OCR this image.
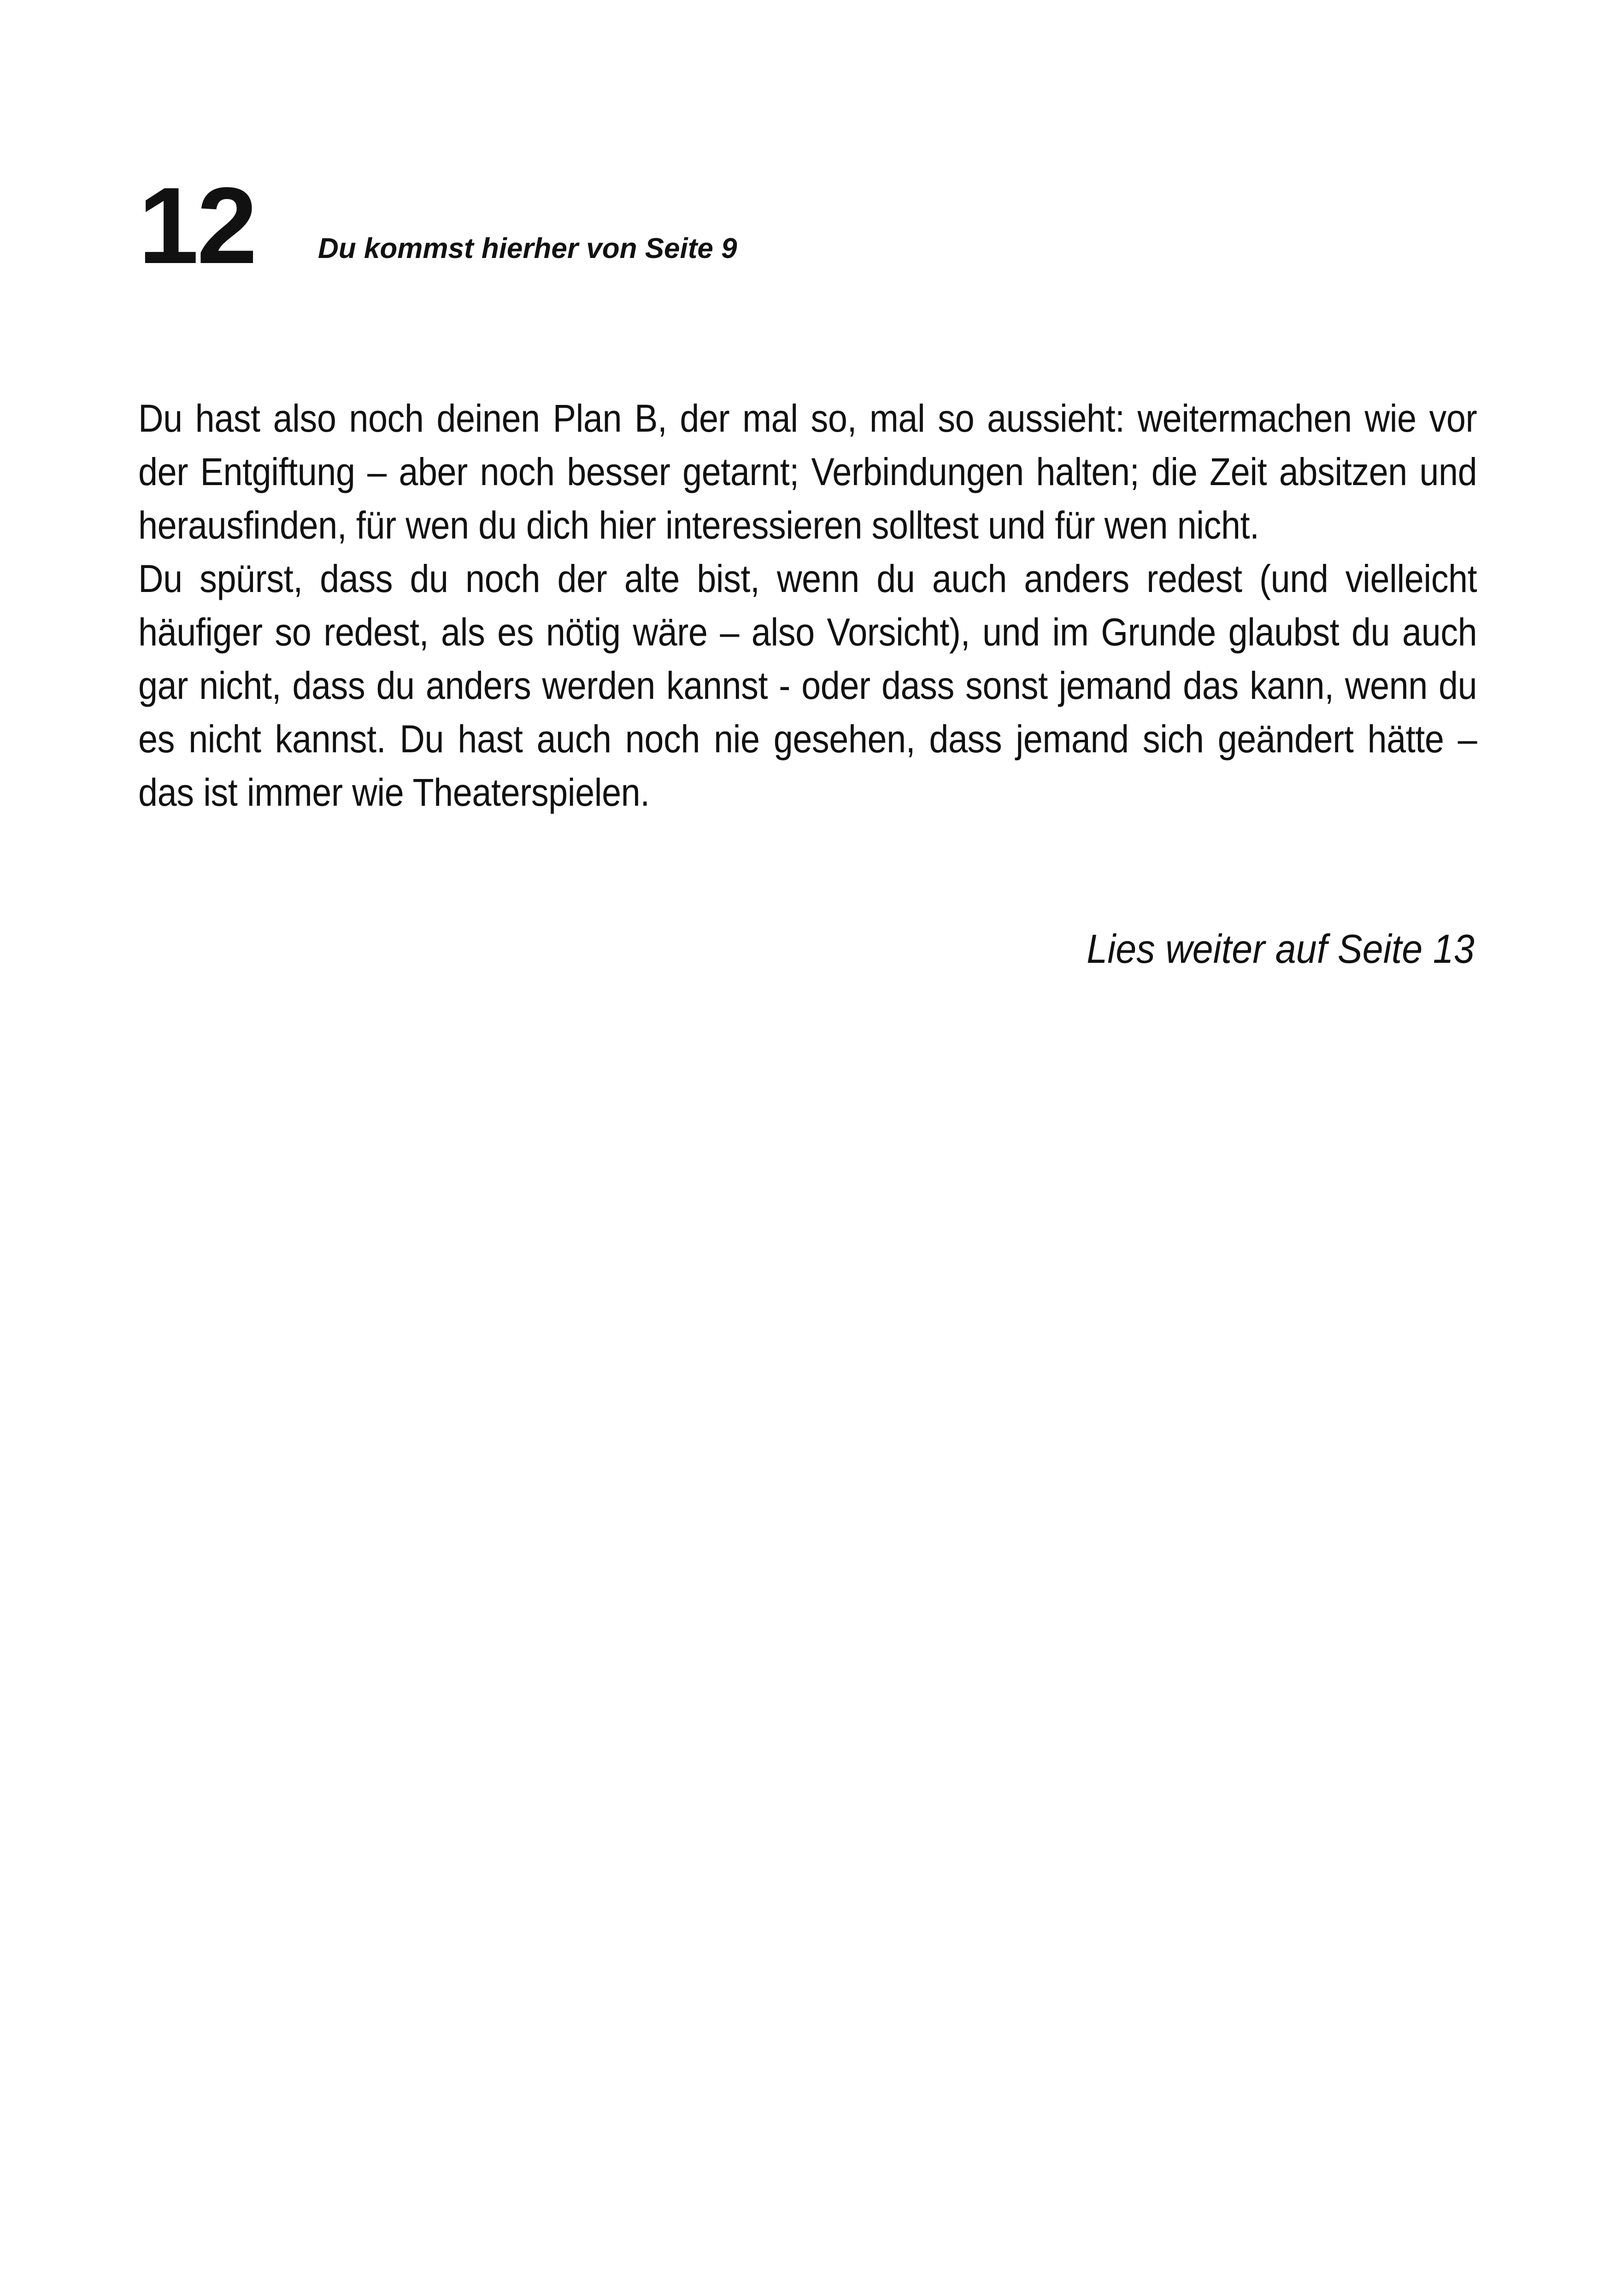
12 Du kommst hierher von Seite 9

Du hast also noch deinen Plan B, der mal so, mal so aussieht: weitermachen wie vor der Entgiftung – aber noch besser getarnt; Verbindungen halten; die Zeit absitzen und herausfinden, für wen du dich hier interessieren solltest und für wen nicht.

Du spürst, dass du noch der alte bist, wenn du auch anders redest (und vielleicht häufiger so redest, als es nötig wäre – also Vorsicht), und im Grunde glaubst du auch gar nicht, dass du anders werden kannst - oder dass sonst jemand das kann, wenn du es nicht kannst. Du hast auch noch nie gesehen, dass jemand sich geändert hätte – das ist immer wie Theaterspielen.

Lies weiter auf Seite 13
